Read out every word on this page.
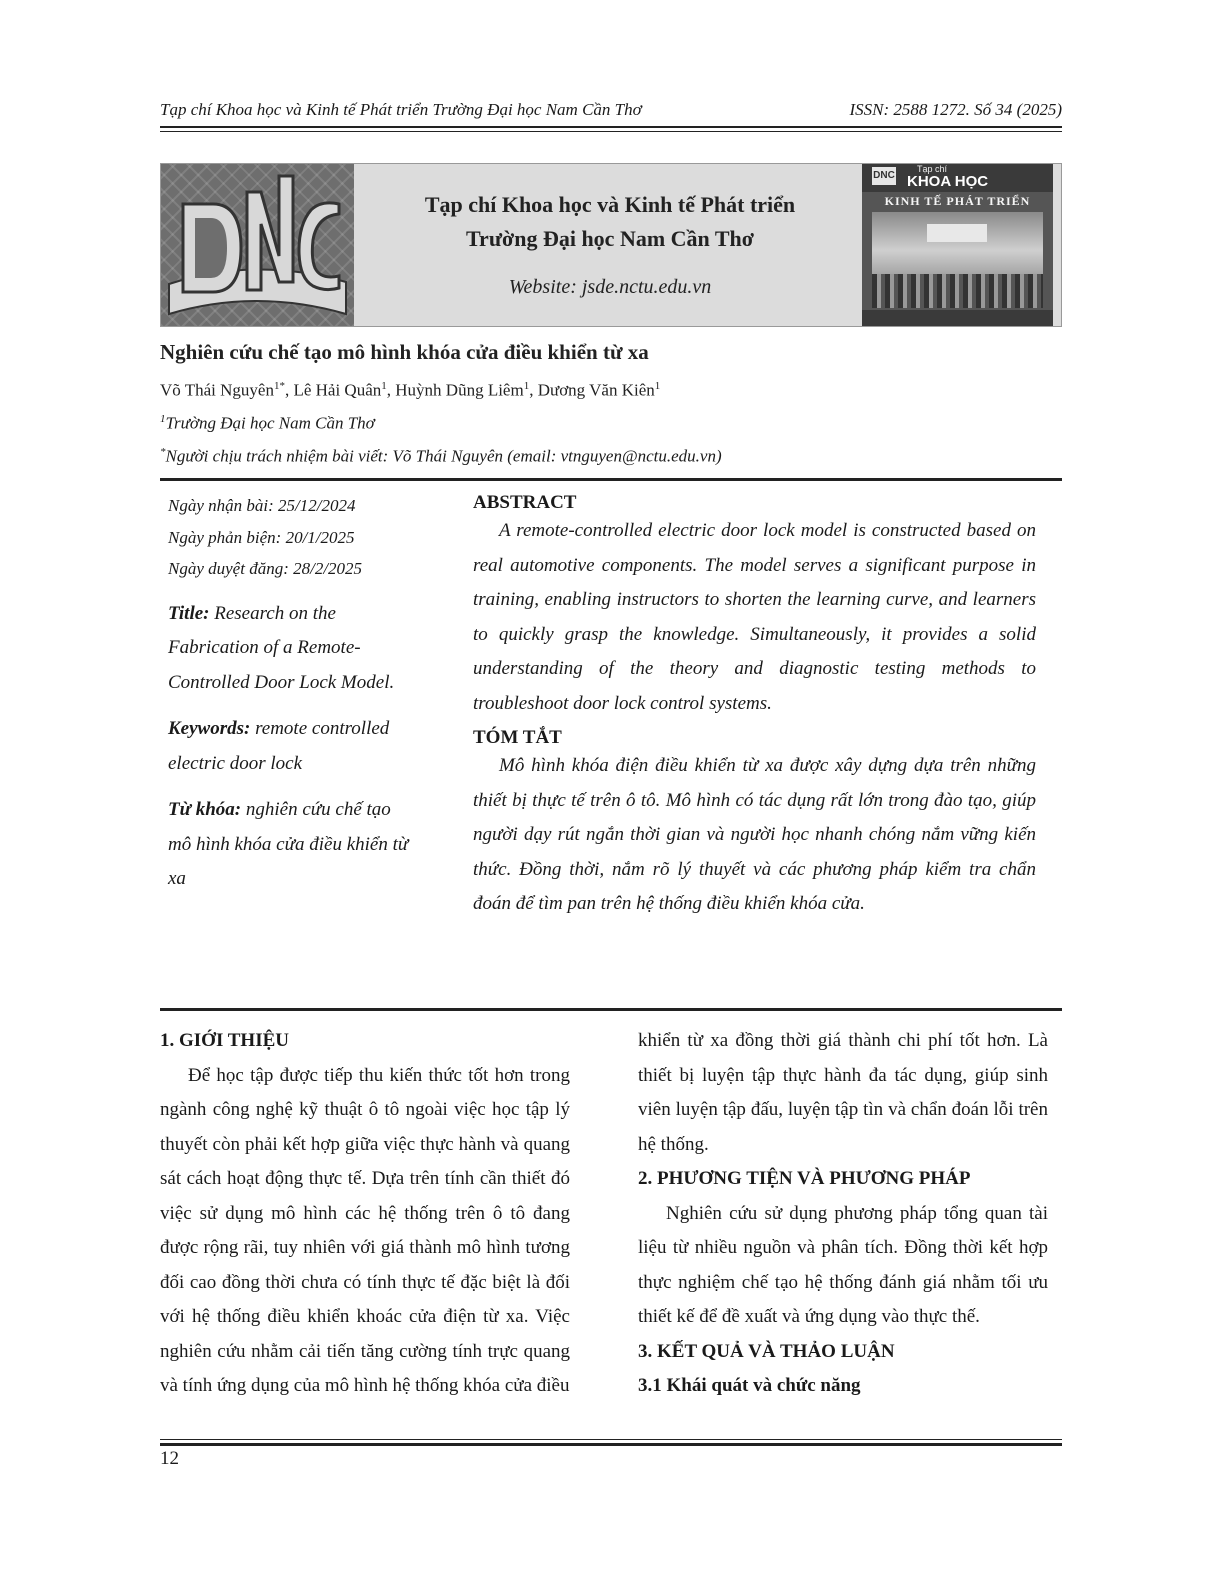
Tạp chí Khoa học và Kinh tế Phát triển Trường Đại học Nam Cần Thơ	ISSN: 2588 1272. Số 34 (2025)
Tạp chí Khoa học và Kinh tế Phát triển
Trường Đại học Nam Cần Thơ
Website: jsde.nctu.edu.vn
DNC
Tạp chí
KHOA HỌC
KINH TẾ PHÁT TRIỂN
Nghiên cứu chế tạo mô hình khóa cửa điều khiển từ xa
Võ Thái Nguyên$^{1*}$, Lê Hải Quân$^1$, Huỳnh Dũng Liêm$^1$, Dương Văn Kiên$^1$
$^1$Trường Đại học Nam Cần Thơ
*Người chịu trách nhiệm bài viết: Võ Thái Nguyên (email: vtnguyen@nctu.edu.vn)
Ngày nhận bài: 25/12/2024
Ngày phản biện: 20/1/2025
Ngày duyệt đăng: 28/2/2025
Title: Research on the Fabrication of a Remote-Controlled Door Lock Model.
Keywords: remote controlled electric door lock
Từ khóa: nghiên cứu chế tạo mô hình khóa cửa điều khiển từ xa
ABSTRACT

A remote-controlled electric door lock model is constructed based on real automotive components. The model serves a significant purpose in training, enabling instructors to shorten the learning curve, and learners to quickly grasp the knowledge. Simultaneously, it provides a solid understanding of the theory and diagnostic testing methods to troubleshoot door lock control systems.

TÓM TẮT

Mô hình khóa điện điều khiển từ xa được xây dựng dựa trên những thiết bị thực tế trên ô tô. Mô hình có tác dụng rất lớn trong đào tạo, giúp người dạy rút ngắn thời gian và người học nhanh chóng nắm vững kiến thức. Đồng thời, nắm rõ lý thuyết và các phương pháp kiểm tra chẩn đoán để tìm pan trên hệ thống điều khiển khóa cửa.

1. GIỚI THIỆU

Để học tập được tiếp thu kiến thức tốt hơn trong ngành công nghệ kỹ thuật ô tô ngoài việc học tập lý thuyết còn phải kết hợp giữa việc thực hành và quang sát cách hoạt động thực tế. Dựa trên tính cần thiết đó việc sử dụng mô hình các hệ thống trên ô tô đang được rộng rãi, tuy nhiên với giá thành mô hình tương đối cao đồng thời chưa có tính thực tế đặc biệt là đối với hệ thống điều khiển khoác cửa điện từ xa. Việc nghiên cứu nhằm cải tiến tăng cường tính trực quang và tính ứng dụng của mô hình hệ thống khóa cửa điều

khiển từ xa đồng thời giá thành chi phí tốt hơn. Là thiết bị luyện tập thực hành đa tác dụng, giúp sinh viên luyện tập đấu, luyện tập tìn và chẩn đoán lỗi trên hệ thống.

2. PHƯƠNG TIỆN VÀ PHƯƠNG PHÁP

Nghiên cứu sử dụng phương pháp tổng quan tài liệu từ nhiều nguồn và phân tích. Đồng thời kết hợp thực nghiệm chế tạo hệ thống đánh giá nhằm tối ưu thiết kế để đề xuất và ứng dụng vào thực thế.

3. KẾT QUẢ VÀ THẢO LUẬN
3.1 Khái quát và chức năng
12
